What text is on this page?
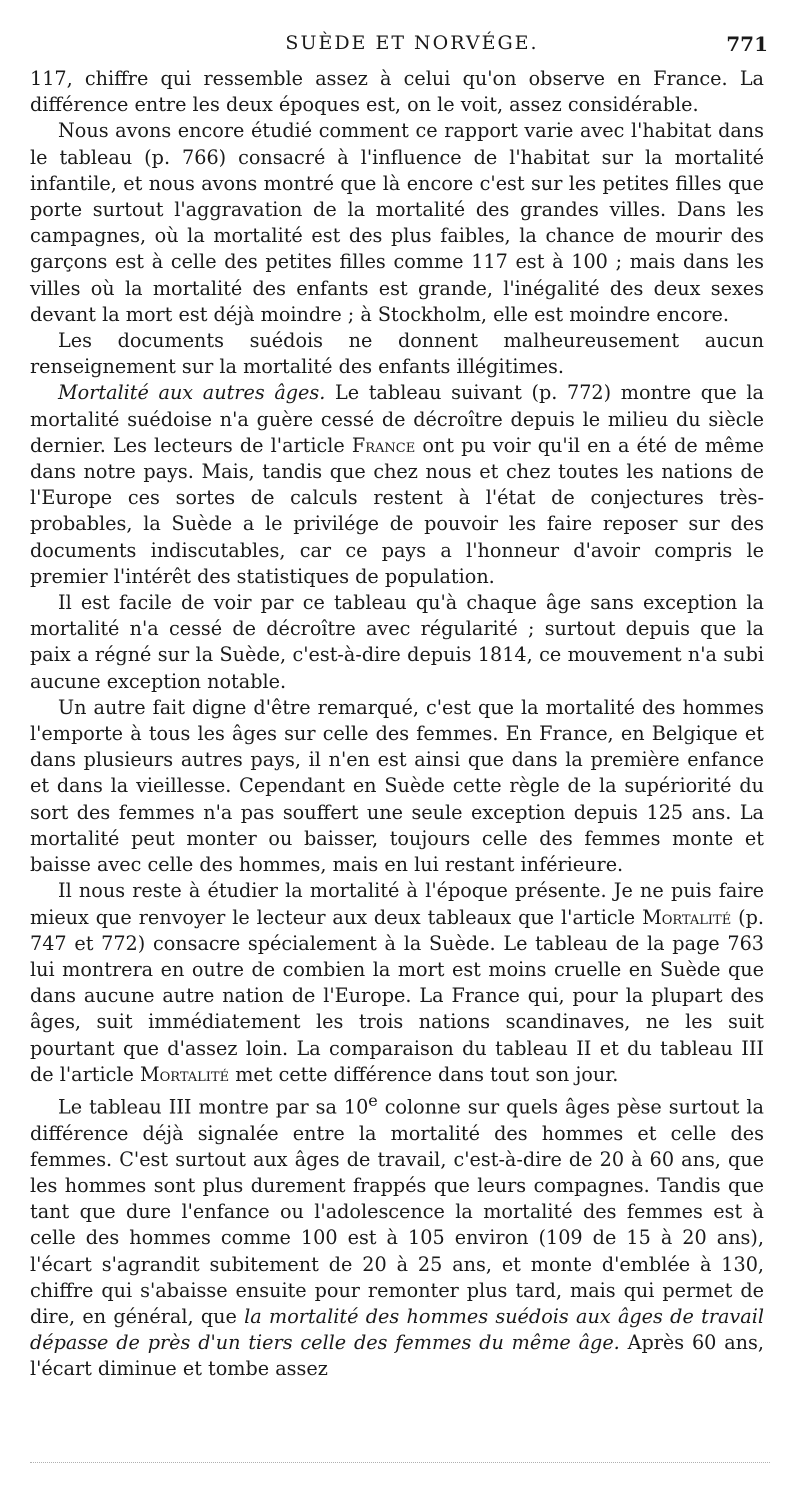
SUÈDE ET NORVÉGE.	771

117, chiffre qui ressemble assez à celui qu'on observe en France. La différence entre les deux époques est, on le voit, assez considérable.

Nous avons encore étudié comment ce rapport varie avec l'habitat dans le tableau (p. 766) consacré à l'influence de l'habitat sur la mortalité infantile, et nous avons montré que là encore c'est sur les petites filles que porte surtout l'aggravation de la mortalité des grandes villes. Dans les campagnes, où la mortalité est des plus faibles, la chance de mourir des garçons est à celle des petites filles comme 117 est à 100 ; mais dans les villes où la mortalité des enfants est grande, l'inégalité des deux sexes devant la mort est déjà moindre ; à Stockholm, elle est moindre encore.

Les documents suédois ne donnent malheureusement aucun renseignement sur la mortalité des enfants illégitimes.

Mortalité aux autres âges. Le tableau suivant (p. 772) montre que la mortalité suédoise n'a guère cessé de décroître depuis le milieu du siècle dernier. Les lecteurs de l'article France ont pu voir qu'il en a été de même dans notre pays. Mais, tandis que chez nous et chez toutes les nations de l'Europe ces sortes de calculs restent à l'état de conjectures très-probables, la Suède a le privilége de pouvoir les faire reposer sur des documents indiscutables, car ce pays a l'honneur d'avoir compris le premier l'intérêt des statistiques de population.

Il est facile de voir par ce tableau qu'à chaque âge sans exception la mortalité n'a cessé de décroître avec régularité ; surtout depuis que la paix a régné sur la Suède, c'est-à-dire depuis 1814, ce mouvement n'a subi aucune exception notable.

Un autre fait digne d'être remarqué, c'est que la mortalité des hommes l'emporte à tous les âges sur celle des femmes. En France, en Belgique et dans plusieurs autres pays, il n'en est ainsi que dans la première enfance et dans la vieillesse. Cependant en Suède cette règle de la supériorité du sort des femmes n'a pas souffert une seule exception depuis 125 ans. La mortalité peut monter ou baisser, toujours celle des femmes monte et baisse avec celle des hommes, mais en lui restant inférieure.

Il nous reste à étudier la mortalité à l'époque présente. Je ne puis faire mieux que renvoyer le lecteur aux deux tableaux que l'article Mortalité (p. 747 et 772) consacre spécialement à la Suède. Le tableau de la page 763 lui montrera en outre de combien la mort est moins cruelle en Suède que dans aucune autre nation de l'Europe. La France qui, pour la plupart des âges, suit immédiatement les trois nations scandinaves, ne les suit pourtant que d'assez loin. La comparaison du tableau II et du tableau III de l'article Mortalité met cette différence dans tout son jour.

Le tableau III montre par sa 10e colonne sur quels âges pèse surtout la différence déjà signalée entre la mortalité des hommes et celle des femmes. C'est surtout aux âges de travail, c'est-à-dire de 20 à 60 ans, que les hommes sont plus durement frappés que leurs compagnes. Tandis que tant que dure l'enfance ou l'adolescence la mortalité des femmes est à celle des hommes comme 100 est à 105 environ (109 de 15 à 20 ans), l'écart s'agrandit subitement de 20 à 25 ans, et monte d'emblée à 130, chiffre qui s'abaisse ensuite pour remonter plus tard, mais qui permet de dire, en général, que la mortalité des hommes suédois aux âges de travail dépasse de près d'un tiers celle des femmes du même âge. Après 60 ans, l'écart diminue et tombe assez
